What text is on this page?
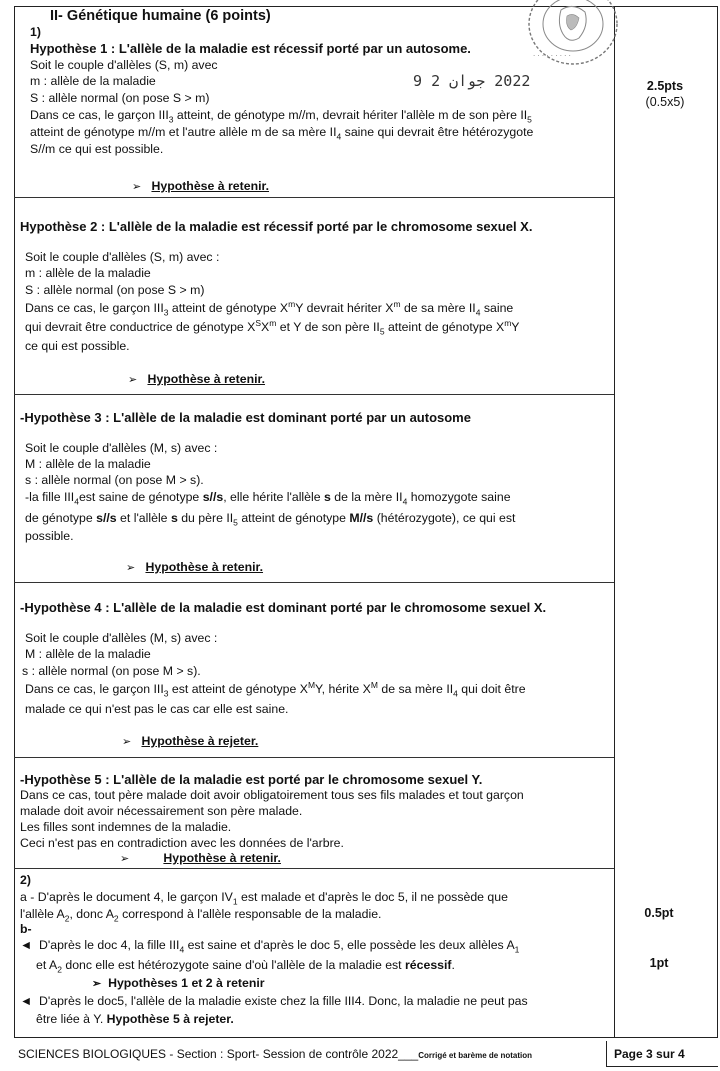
· · · · · · · · ·
2022 جوان 2 9
II- Génétique humaine (6 points)
1)
Hypothèse 1 : L'allèle de la maladie est récessif porté par un autosome.
Soit le couple d'allèles (S, m) avec
m : allèle de la maladie
S : allèle normal (on pose S > m)
Dans ce cas, le garçon $III_3$ atteint, de génotype m//m, devrait hériter l'allèle m de son père $II_5$
atteint de génotype m//m et l'autre allèle m de sa mère $II_4$ saine qui devrait être hétérozygote
S//m ce qui est possible.
➢ Hypothèse à retenir.
Hypothèse 2 : L'allèle de la maladie est récessif porté par le chromosome sexuel X.
Soit le couple d'allèles (S, m) avec :
m : allèle de la maladie
S : allèle normal (on pose S > m)
Dans ce cas, le garçon $III_3$ atteint de génotype $X^mY$ devrait hériter $X^m$ de sa mère $II_4$ saine
qui devrait être conductrice de génotype $X^SX^m$ et Y de son père $II_5$ atteint de génotype $X^mY$
ce qui est possible.
➢ Hypothèse à retenir.
-Hypothèse 3 : L'allèle de la maladie est dominant porté par un autosome
Soit le couple d'allèles (M, s) avec :
M : allèle de la maladie
s : allèle normal (on pose M > s).
-la fille $III_4est$ saine de génotype s//s, elle hérite l'allèle s de la mère $II_4$ homozygote saine
de génotype s//s et l'allèle s du père $II_5$ atteint de génotype M//s (hétérozygote), ce qui est
possible.
➢ Hypothèse à retenir.
-Hypothèse 4 : L'allèle de la maladie est dominant porté par le chromosome sexuel X.
Soit le couple d'allèles (M, s) avec :
M : allèle de la maladie
s : allèle normal (on pose M > s).
Dans ce cas, le garçon $III_3$ est atteint de génotype $X^MY$, hérite $X^M$ de sa mère $II_4$ qui doit être
malade ce qui n'est pas le cas car elle est saine.
➢ Hypothèse à rejeter.
-Hypothèse 5 : L'allèle de la maladie est porté par le chromosome sexuel Y.
Dans ce cas, tout père malade doit avoir obligatoirement tous ses fils malades et tout garçon
malade doit avoir nécessairement son père malade.
Les filles sont indemnes de la maladie.
Ceci n'est pas en contradiction avec les données de l'arbre.
➢	Hypothèse à retenir.
2)
a - D'après le document 4, le garçon $IV_1$ est malade et d'après le doc 5, il ne possède que
l'allèle $A_2$, donc $A_2$ correspond à l'allèle responsable de la maladie.
b-
◄ D'après le doc 4, la fille $III_4$ est saine et d'après le doc 5, elle possède les deux allèles $A_1$
et $A_2$ donc elle est hétérozygote saine d'où l'allèle de la maladie est récessif.
➢ Hypothèses 1 et 2 à retenir
◄ D'après le doc5, l'allèle de la maladie existe chez la fille III4. Donc, la maladie ne peut pas
être liée à Y. Hypothèse 5 à rejeter.
2.5pts
(0.5x5)
0.5pt
1pt
SCIENCES BIOLOGIQUES - Section : Sport- Session de contrôle 2022___Corrigé et barème de notation	Page 3 sur 4
